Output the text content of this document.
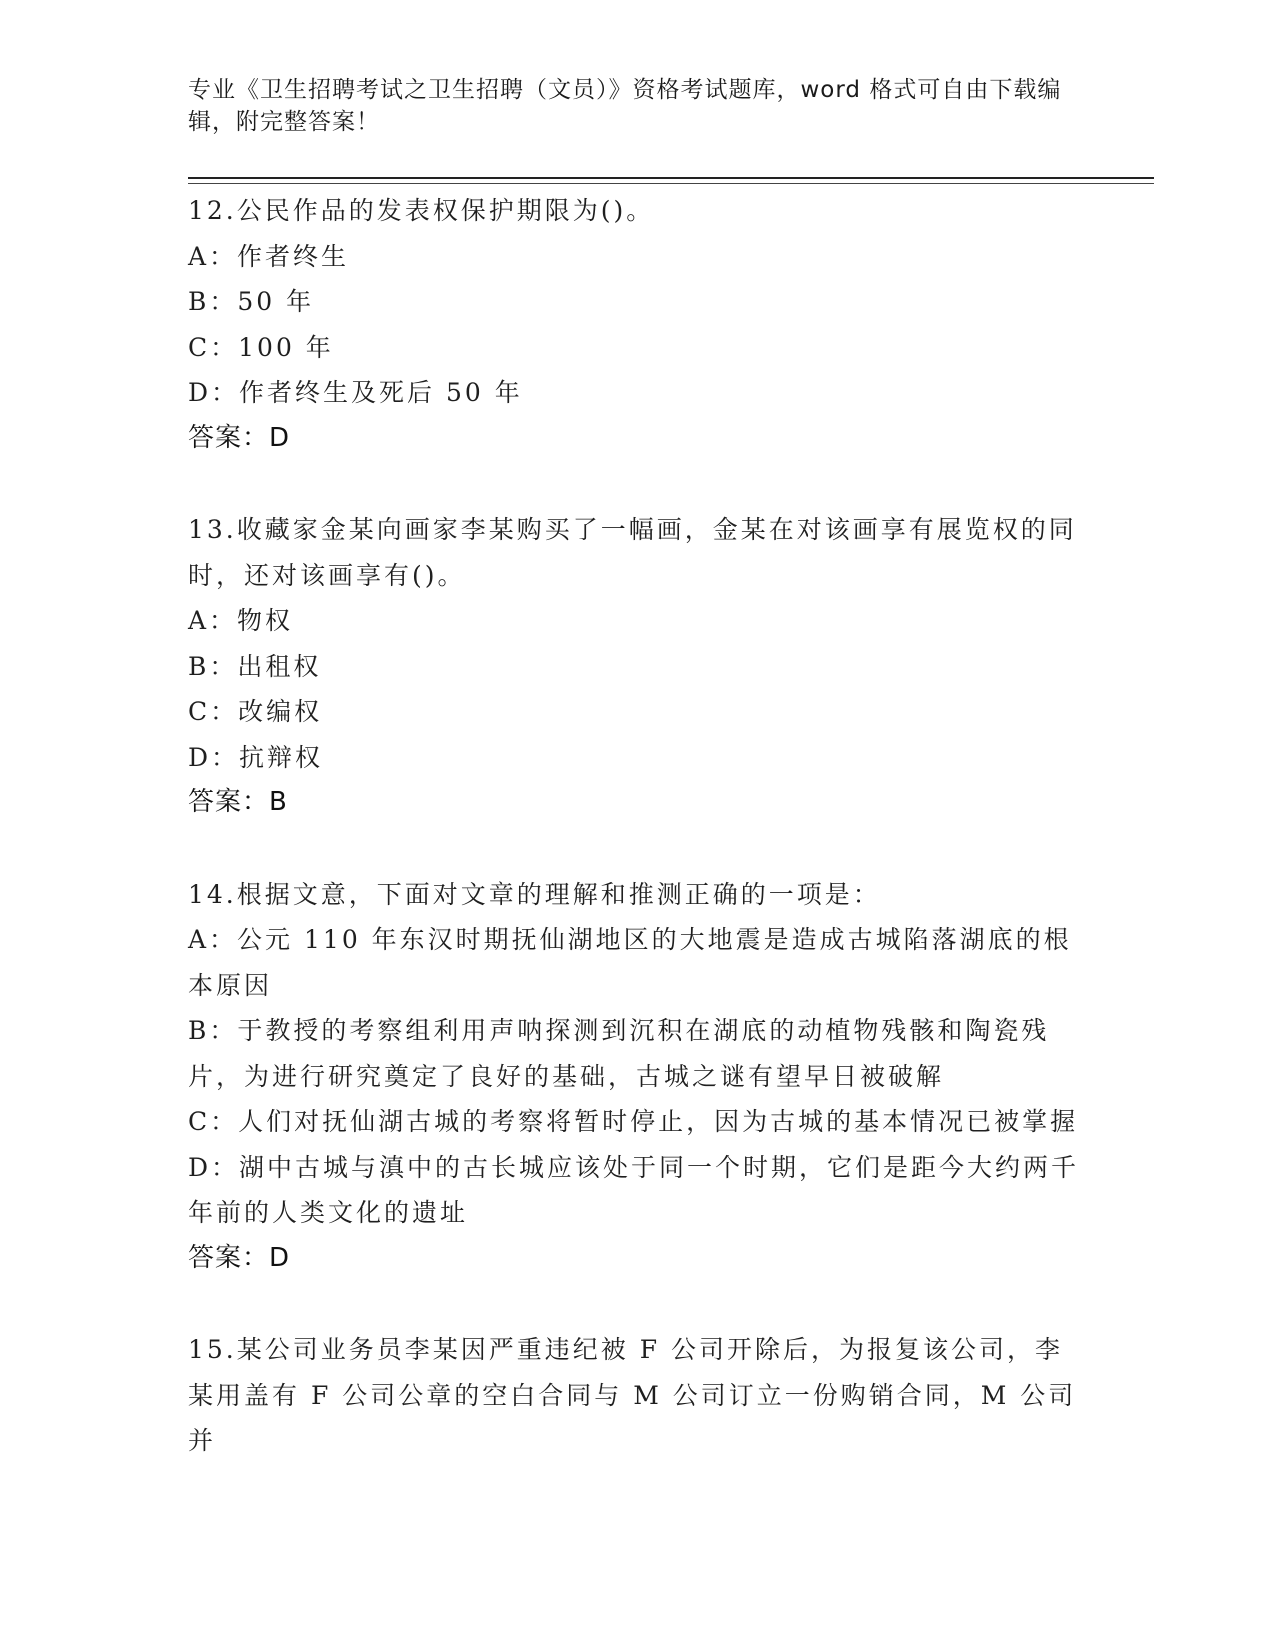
专业《卫生招聘考试之卫生招聘（文员）》资格考试题库，word 格式可自由下载编辑，附完整答案！
12.公民作品的发表权保护期限为()。
A：作者终生
B：50 年
C：100 年
D：作者终生及死后 50 年
答案：D
13.收藏家金某向画家李某购买了一幅画，金某在对该画享有展览权的同时，还对该画享有()。
A：物权
B：出租权
C：改编权
D：抗辩权
答案：B
14.根据文意，下面对文章的理解和推测正确的一项是：
A：公元 110 年东汉时期抚仙湖地区的大地震是造成古城陷落湖底的根本原因
B：于教授的考察组利用声呐探测到沉积在湖底的动植物残骸和陶瓷残片，为进行研究奠定了良好的基础，古城之谜有望早日被破解
C：人们对抚仙湖古城的考察将暂时停止，因为古城的基本情况已被掌握
D：湖中古城与滇中的古长城应该处于同一个时期，它们是距今大约两千年前的人类文化的遗址
答案：D
15.某公司业务员李某因严重违纪被 F 公司开除后，为报复该公司，李某用盖有 F 公司公章的空白合同与 M 公司订立一份购销合同，M 公司并
